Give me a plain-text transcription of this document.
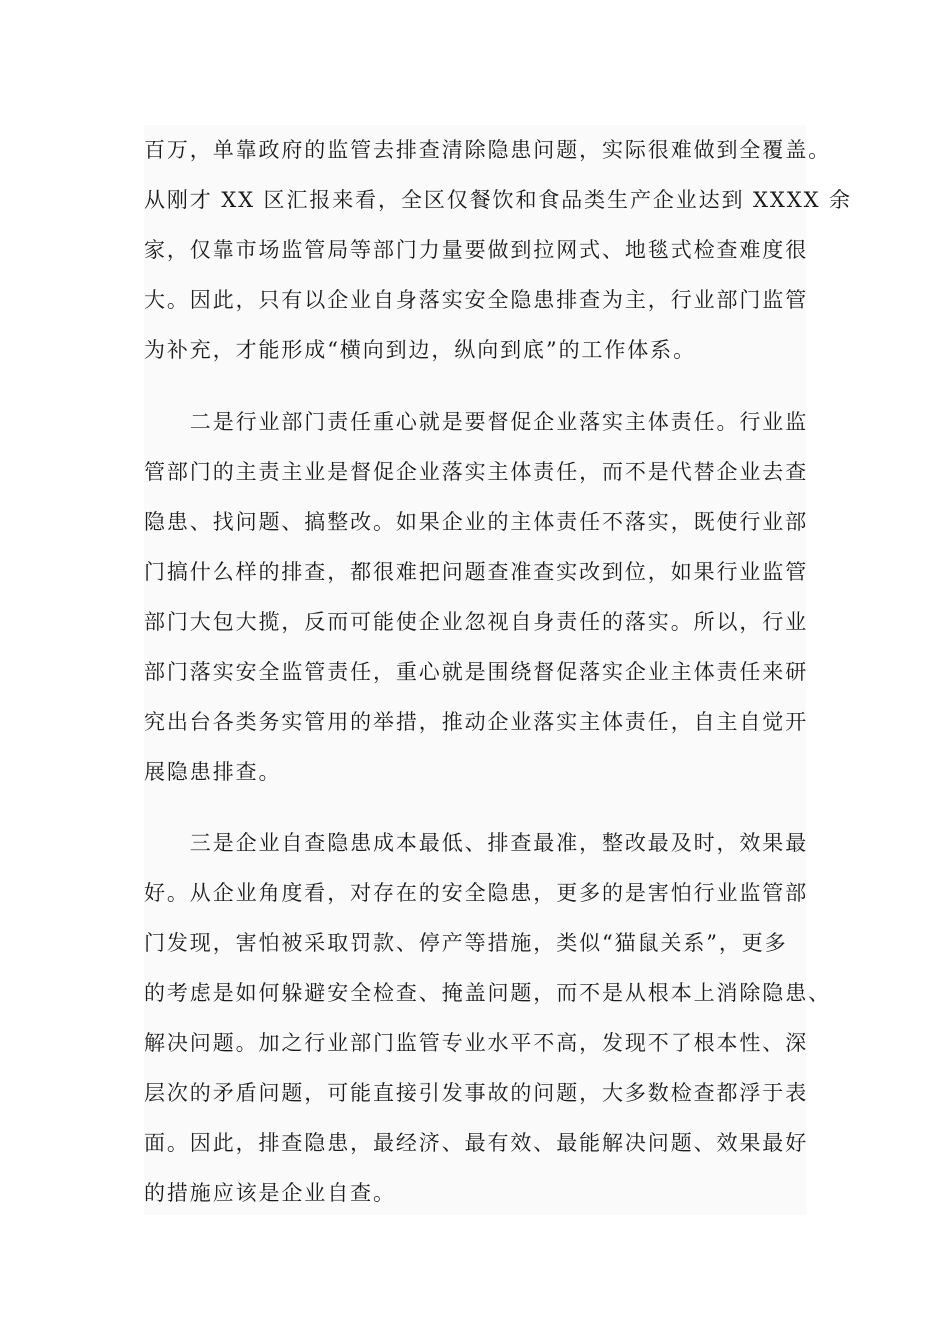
百万，单靠政府的监管去排查清除隐患问题，实际很难做到全覆盖。
从刚才 XX 区汇报来看，全区仅餐饮和食品类生产企业达到 XXXX 余
家，仅靠市场监管局等部门力量要做到拉网式、地毯式检查难度很
大。因此，只有以企业自身落实安全隐患排查为主，行业部门监管
为补充，才能形成“横向到边，纵向到底”的工作体系。
　　二是行业部门责任重心就是要督促企业落实主体责任。行业监
管部门的主责主业是督促企业落实主体责任，而不是代替企业去查
隐患、找问题、搞整改。如果企业的主体责任不落实，既使行业部
门搞什么样的排查，都很难把问题查准查实改到位，如果行业监管
部门大包大揽，反而可能使企业忽视自身责任的落实。所以，行业
部门落实安全监管责任，重心就是围绕督促落实企业主体责任来研
究出台各类务实管用的举措，推动企业落实主体责任，自主自觉开
展隐患排查。
　　三是企业自查隐患成本最低、排查最准，整改最及时，效果最
好。从企业角度看，对存在的安全隐患，更多的是害怕行业监管部
门发现，害怕被采取罚款、停产等措施，类似“猫鼠关系”，更多
的考虑是如何躲避安全检查、掩盖问题，而不是从根本上消除隐患、
解决问题。加之行业部门监管专业水平不高，发现不了根本性、深
层次的矛盾问题，可能直接引发事故的问题，大多数检查都浮于表
面。因此，排查隐患，最经济、最有效、最能解决问题、效果最好
的措施应该是企业自查。
